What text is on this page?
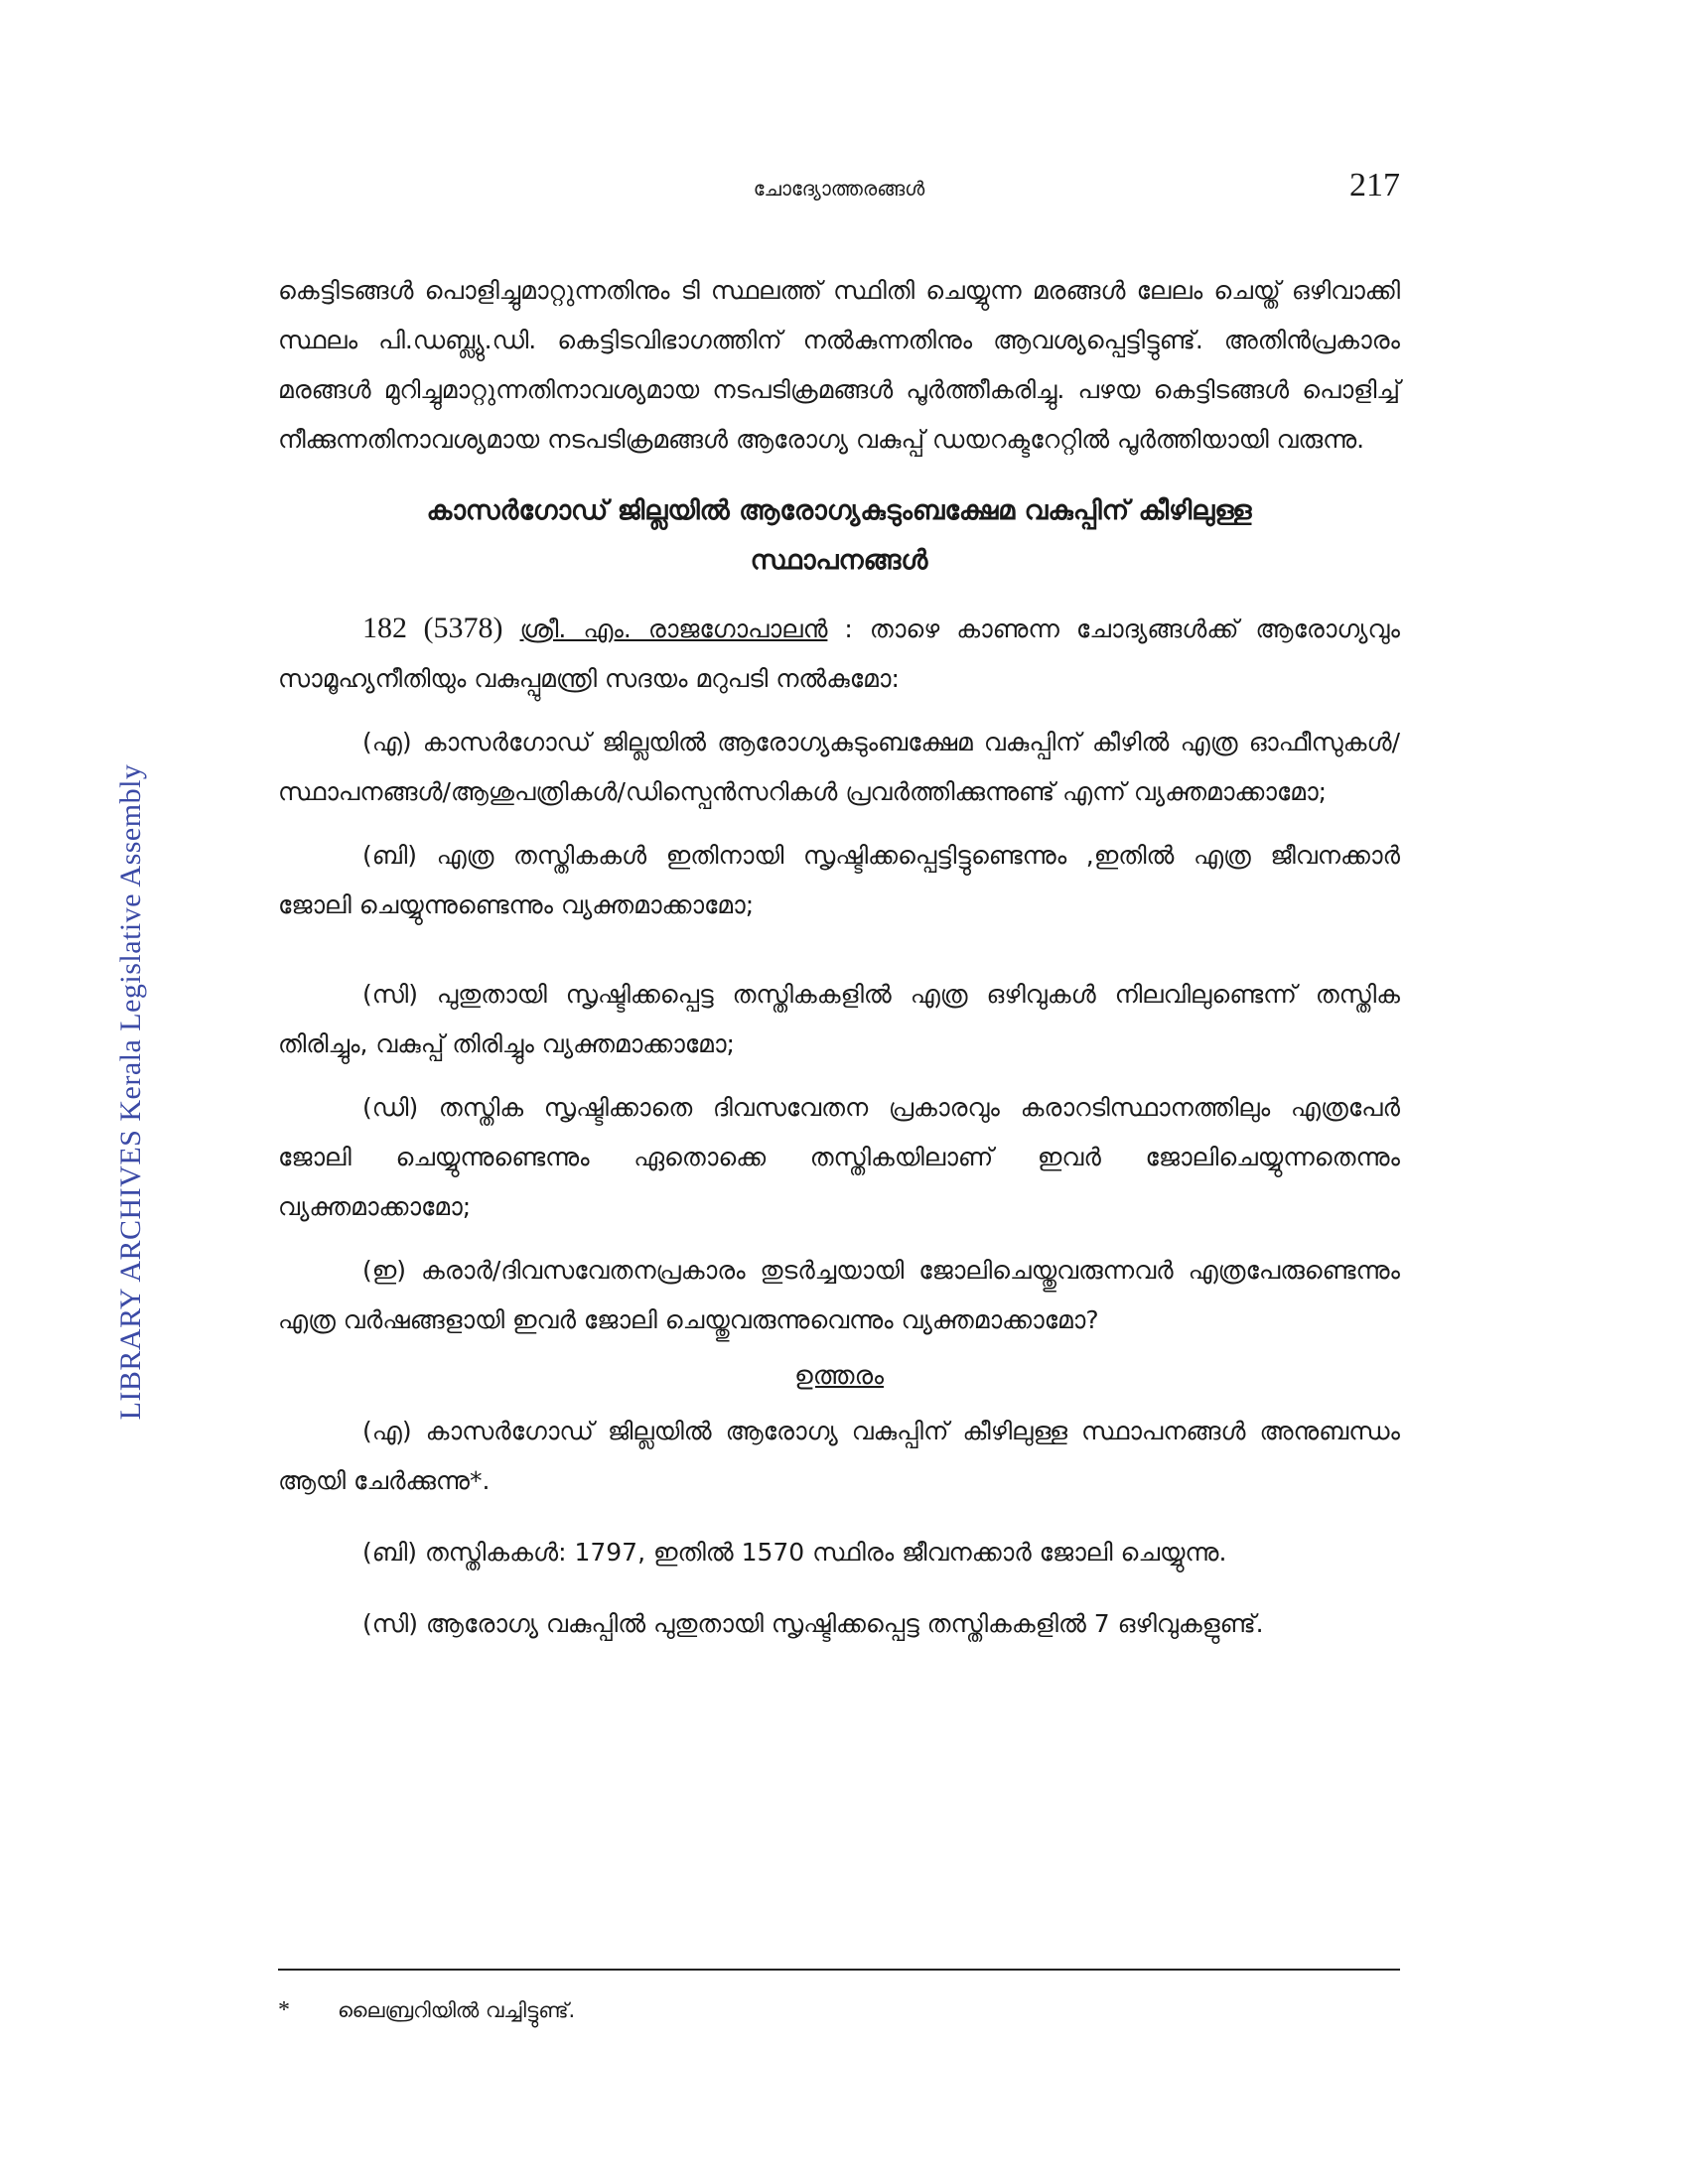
ചോദ്യോത്തരങ്ങൾ	217
LIBRARY ARCHIVES Kerala Legislative Assembly

കെട്ടിടങ്ങൾ പൊളിച്ചുമാറ്റുന്നതിനും ടി സ്ഥലത്ത് സ്ഥിതി ചെയ്യുന്ന മരങ്ങൾ ലേലം ചെയ്ത് ഒഴിവാക്കി സ്ഥലം പി.ഡബ്ല്യു.ഡി. കെട്ടിടവിഭാഗത്തിന് നൽകുന്നതിനും ആവശ്യപ്പെട്ടിട്ടുണ്ട്. അതിൻപ്രകാരം മരങ്ങൾ മുറിച്ചുമാറ്റുന്നതിനാവശ്യമായ നടപടിക്രമങ്ങൾ പൂർത്തീകരിച്ചു. പഴയ കെട്ടിടങ്ങൾ പൊളിച്ച് നീക്കുന്നതിനാവശ്യമായ നടപടിക്രമങ്ങൾ ആരോഗ്യ വകുപ്പ് ഡയറക്ടറേറ്റിൽ പൂർത്തിയായി വരുന്നു.

കാസർഗോഡ് ജില്ലയിൽ ആരോഗ്യകുടുംബക്ഷേമ വകുപ്പിന് കീഴിലുള്ള
സ്ഥാപനങ്ങൾ

182 (5378) ശ്രീ. എം. രാജഗോപാലൻ : താഴെ കാണുന്ന ചോദ്യങ്ങൾക്ക് ആരോഗ്യവും സാമൂഹ്യനീതിയും വകുപ്പുമന്ത്രി സദയം മറുപടി നൽകുമോ:

(എ) കാസർഗോഡ് ജില്ലയിൽ ആരോഗ്യകുടുംബക്ഷേമ വകുപ്പിന് കീഴിൽ എത്ര ഓഫീസുകൾ/സ്ഥാപനങ്ങൾ/ആശുപത്രികൾ/ഡിസ്പെൻസറികൾ പ്രവർത്തിക്കുന്നുണ്ട് എന്ന് വ്യക്തമാക്കാമോ;

(ബി) എത്ര തസ്തികകൾ ഇതിനായി സൃഷ്ടിക്കപ്പെട്ടിട്ടുണ്ടെന്നും ,ഇതിൽ എത്ര ജീവനക്കാർ ജോലി ചെയ്യുന്നുണ്ടെന്നും വ്യക്തമാക്കാമോ;

(സി) പുതുതായി സൃഷ്ടിക്കപ്പെട്ട തസ്തികകളിൽ എത്ര ഒഴിവുകൾ നിലവിലുണ്ടെന്ന് തസ്തിക തിരിച്ചും, വകുപ്പ് തിരിച്ചും വ്യക്തമാക്കാമോ;

(ഡി) തസ്തിക സൃഷ്ടിക്കാതെ ദിവസവേതന പ്രകാരവും കരാറടിസ്ഥാനത്തിലും എത്രപേർ ജോലി ചെയ്യുന്നുണ്ടെന്നും ഏതൊക്കെ തസ്തികയിലാണ് ഇവർ ജോലിചെയ്യുന്നതെന്നും വ്യക്തമാക്കാമോ;

(ഇ) കരാർ/ദിവസവേതനപ്രകാരം തുടർച്ചയായി ജോലിചെയ്തുവരുന്നവർ എത്രപേരുണ്ടെന്നും എത്ര വർഷങ്ങളായി ഇവർ ജോലി ചെയ്തുവരുന്നുവെന്നും വ്യക്തമാക്കാമോ?

ഉത്തരം

(എ) കാസർഗോഡ് ജില്ലയിൽ ആരോഗ്യ വകുപ്പിന് കീഴിലുള്ള സ്ഥാപനങ്ങൾ അനുബന്ധം ആയി ചേർക്കുന്നു*.

(ബി) തസ്തികകൾ: 1797, ഇതിൽ 1570 സ്ഥിരം ജീവനക്കാർ ജോലി ചെയ്യുന്നു.

(സി) ആരോഗ്യ വകുപ്പിൽ പുതുതായി സൃഷ്ടിക്കപ്പെട്ട തസ്തികകളിൽ 7 ഒഴിവുകളുണ്ട്.

* ലൈബ്രറിയിൽ വച്ചിട്ടുണ്ട്.
